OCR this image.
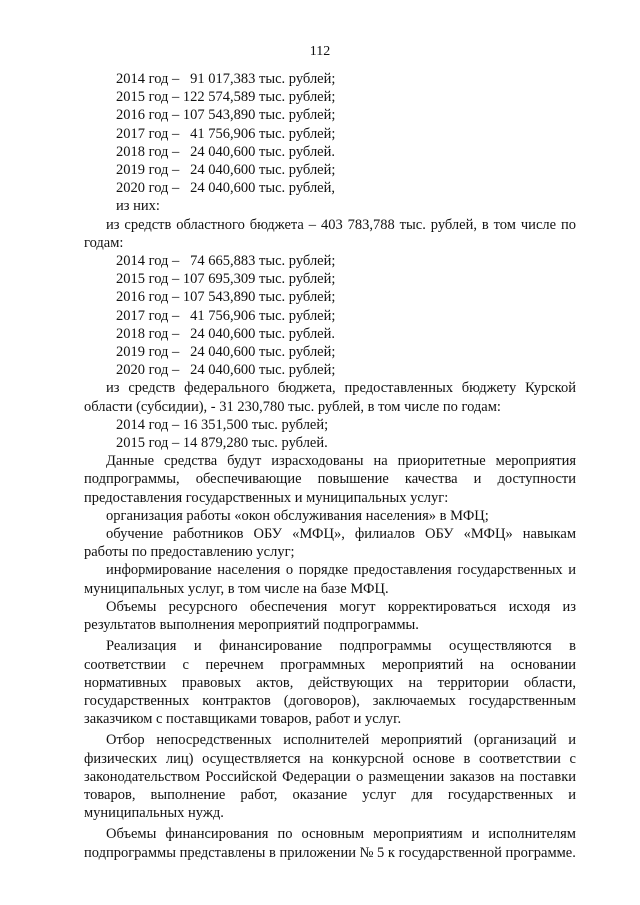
112
2014 год –   91 017,383 тыс. рублей;
2015 год – 122 574,589 тыс. рублей;
2016 год – 107 543,890 тыс. рублей;
2017 год –   41 756,906 тыс. рублей;
2018 год –   24 040,600 тыс. рублей.
2019 год –   24 040,600 тыс. рублей;
2020 год –   24 040,600 тыс. рублей,
из них:
из средств областного бюджета – 403 783,788 тыс. рублей, в том числе по годам:
2014 год –   74 665,883 тыс. рублей;
2015 год – 107 695,309 тыс. рублей;
2016 год – 107 543,890 тыс. рублей;
2017 год –   41 756,906 тыс. рублей;
2018 год –   24 040,600 тыс. рублей.
2019 год –   24 040,600 тыс. рублей;
2020 год –   24 040,600 тыс. рублей;
из средств федерального бюджета, предоставленных бюджету Курской области (субсидии), - 31 230,780 тыс. рублей, в том числе по годам:
2014 год – 16 351,500 тыс. рублей;
2015 год – 14 879,280 тыс. рублей.
Данные средства будут израсходованы на приоритетные мероприятия подпрограммы, обеспечивающие повышение качества и доступности предоставления государственных и муниципальных услуг:
организация работы «окон обслуживания населения» в МФЦ;
обучение работников ОБУ «МФЦ», филиалов ОБУ «МФЦ» навыкам работы по предоставлению услуг;
информирование населения о порядке предоставления государственных и муниципальных услуг, в том числе на базе МФЦ.
Объемы ресурсного обеспечения могут корректироваться исходя из результатов выполнения мероприятий подпрограммы.
Реализация и финансирование подпрограммы осуществляются в соответствии с перечнем программных мероприятий на основании нормативных правовых актов, действующих на территории области, государственных контрактов (договоров), заключаемых государственным заказчиком с поставщиками товаров, работ и услуг.
Отбор непосредственных исполнителей мероприятий (организаций и физических лиц) осуществляется на конкурсной основе в соответствии с законодательством Российской Федерации о размещении заказов на поставки товаров, выполнение работ, оказание услуг для государственных и муниципальных нужд.
Объемы финансирования по основным мероприятиям и исполнителям подпрограммы представлены в приложении № 5 к государственной программе.
